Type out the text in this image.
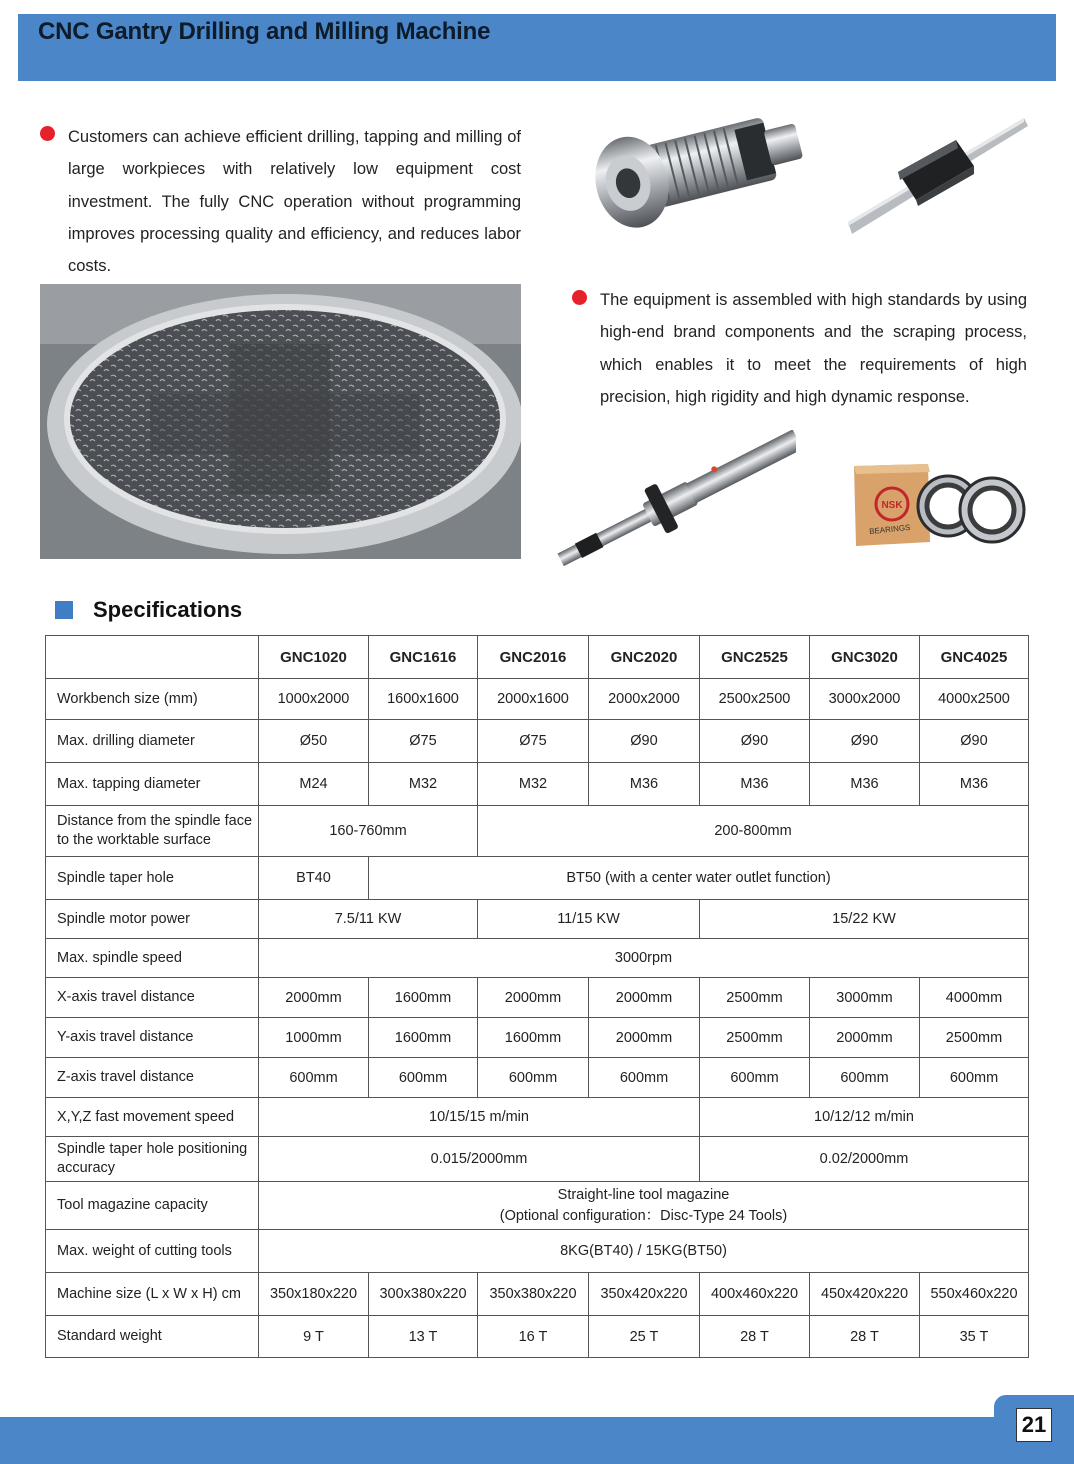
CNC Gantry Drilling and Milling Machine
Customers can achieve efficient drilling, tapping and milling of large workpieces with relatively low equipment cost investment. The fully CNC operation without programming improves processing quality and efficiency, and reduces labor costs.
The equipment is assembled with high standards by using high-end brand components and the scraping process, which enables it to meet the requirements of high precision, high rigidity and high dynamic response.
NSK
BEARINGS
Specifications
	GNC1020	GNC1616	GNC2016	GNC2020	GNC2525	GNC3020	GNC4025
Workbench size (mm)	1000x2000	1600x1600	2000x1600	2000x2000	2500x2500	3000x2000	4000x2500
Max. drilling diameter	Ø50	Ø75	Ø75	Ø90	Ø90	Ø90	Ø90
Max. tapping diameter	M24	M32	M32	M36	M36	M36	M36
Distance from the spindle face
to the worktable surface	160-760mm		200-800mm				
Spindle taper hole	BT40	BT50 (with a center water outlet function)					
Spindle motor power	7.5/11 KW		11/15 KW		15/22 KW		
Max. spindle speed	3000rpm						
X-axis travel distance	2000mm	1600mm	2000mm	2000mm	2500mm	3000mm	4000mm
Y-axis travel distance	1000mm	1600mm	1600mm	2000mm	2500mm	2000mm	2500mm
Z-axis travel distance	600mm	600mm	600mm	600mm	600mm	600mm	600mm
X,Y,Z fast movement speed	10/15/15 m/min				10/12/12 m/min		
Spindle taper hole positioning
accuracy	0.015/2000mm				0.02/2000mm		
Tool magazine capacity	Straight-line tool magazine
(Optional configuration：Disc-Type 24 Tools)						
Max. weight of cutting tools	8KG(BT40) / 15KG(BT50)						
Machine size (L x W x H) cm	350x180x220	300x380x220	350x380x220	350x420x220	400x460x220	450x420x220	550x460x220
Standard weight	9 T	13 T	16 T	25 T	28 T	28 T	35 T
21
